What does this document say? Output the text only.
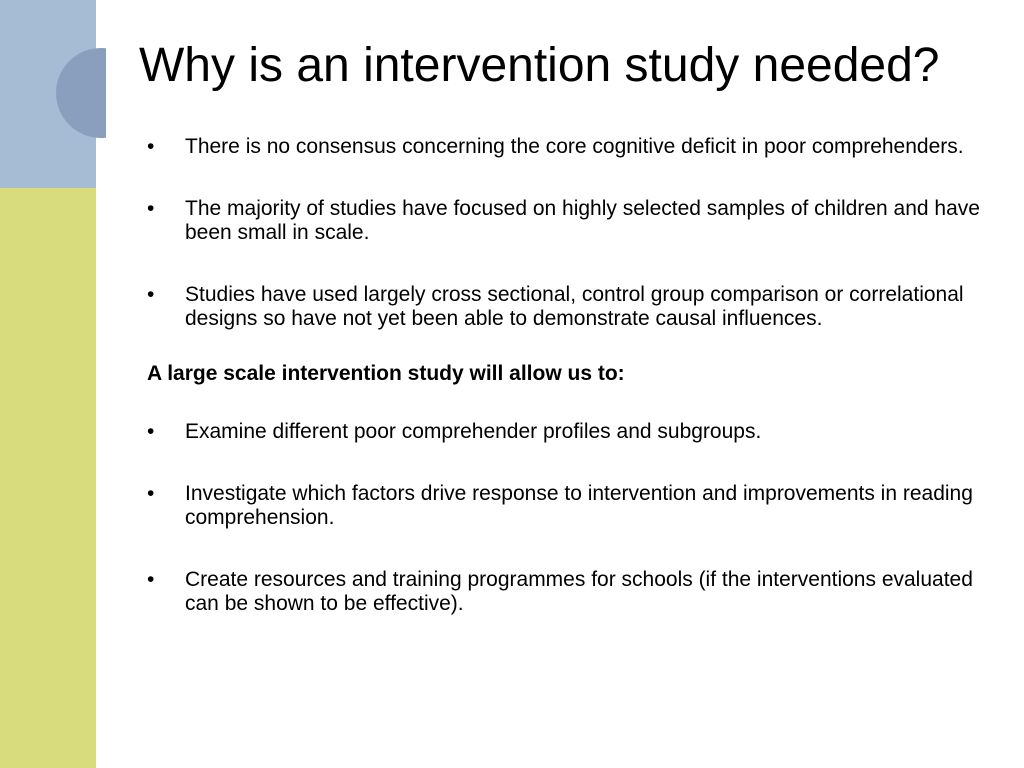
Why is an intervention study needed?
• There is no consensus concerning the core cognitive deficit in poor comprehenders.
• The majority of studies have focused on highly selected samples of children and have been small in scale.
• Studies have used largely cross sectional, control group comparison or correlational designs so have not yet been able to demonstrate causal influences.

A large scale intervention study will allow us to:

• Examine different poor comprehender profiles and subgroups.
• Investigate which factors drive response to intervention and improvements in reading comprehension.
• Create resources and training programmes for schools (if the interventions evaluated can be shown to be effective).
